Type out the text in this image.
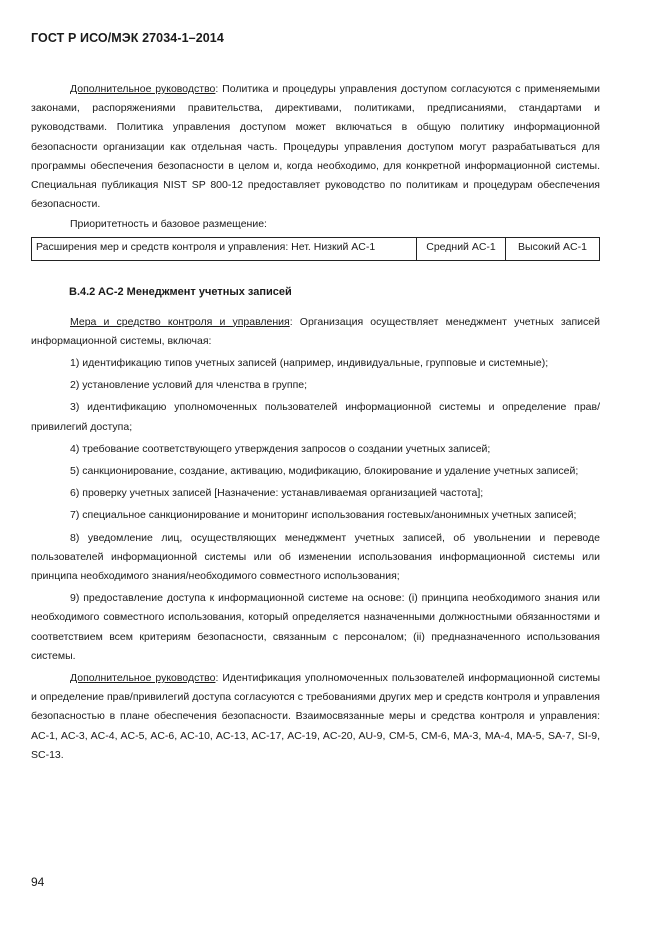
ГОСТ Р ИСО/МЭК 27034-1–2014

Дополнительное руководство: Политика и процедуры управления доступом согласуются с применяемыми законами, распоряжениями правительства, директивами, политиками, предписаниями, стандартами и руководствами. Политика управления доступом может включаться в общую политику информационной безопасности организации как отдельная часть. Процедуры управления доступом могут разрабатываться для программы обеспечения безопасности в целом и, когда необходимо, для конкретной информационной системы. Специальная публикация NIST SP 800-12 предоставляет руководство по политикам и процедурам обеспечения безопасности.

Приоритетность и базовое размещение:

Расширения мер и средств контроля и управления: Нет. Низкий AC-1	Средний AC-1	Высокий AC-1
B.4.2 AC-2 Менеджмент учетных записей

Мера и средство контроля и управления: Организация осуществляет менеджмент учетных записей информационной системы, включая:

1) идентификацию типов учетных записей (например, индивидуальные, групповые и системные);

2) установление условий для членства в группе;

3) идентификацию уполномоченных пользователей информационной системы и определение прав/привилегий доступа;

4) требование соответствующего утверждения запросов о создании учетных записей;

5) санкционирование, создание, активацию, модификацию, блокирование и удаление учетных записей;

6) проверку учетных записей [Назначение: устанавливаемая организацией частота];

7) специальное санкционирование и мониторинг использования гостевых/анонимных учетных записей;

8) уведомление лиц, осуществляющих менеджмент учетных записей, об увольнении и переводе пользователей информационной системы или об изменении использования информационной системы или принципа необходимого знания/необходимого совместного использования;

9) предоставление доступа к информационной системе на основе: (i) принципа необходимого знания или необходимого совместного использования, который определяется назначенными должностными обязанностями и соответствием всем критериям безопасности, связанным с персоналом; (ii) предназначенного использования системы.

Дополнительное руководство: Идентификация уполномоченных пользователей информационной системы и определение прав/привилегий доступа согласуются с требованиями других мер и средств контроля и управления безопасностью в плане обеспечения безопасности. Взаимосвязанные меры и средства контроля и управления: AC-1, AC-3, AC-4, AC-5, AC-6, AC-10, AC-13, AC-17, AC-19, AC-20, AU-9, CM-5, CM-6, MA-3, MA-4, MA-5, SA-7, SI-9, SC-13.

94
